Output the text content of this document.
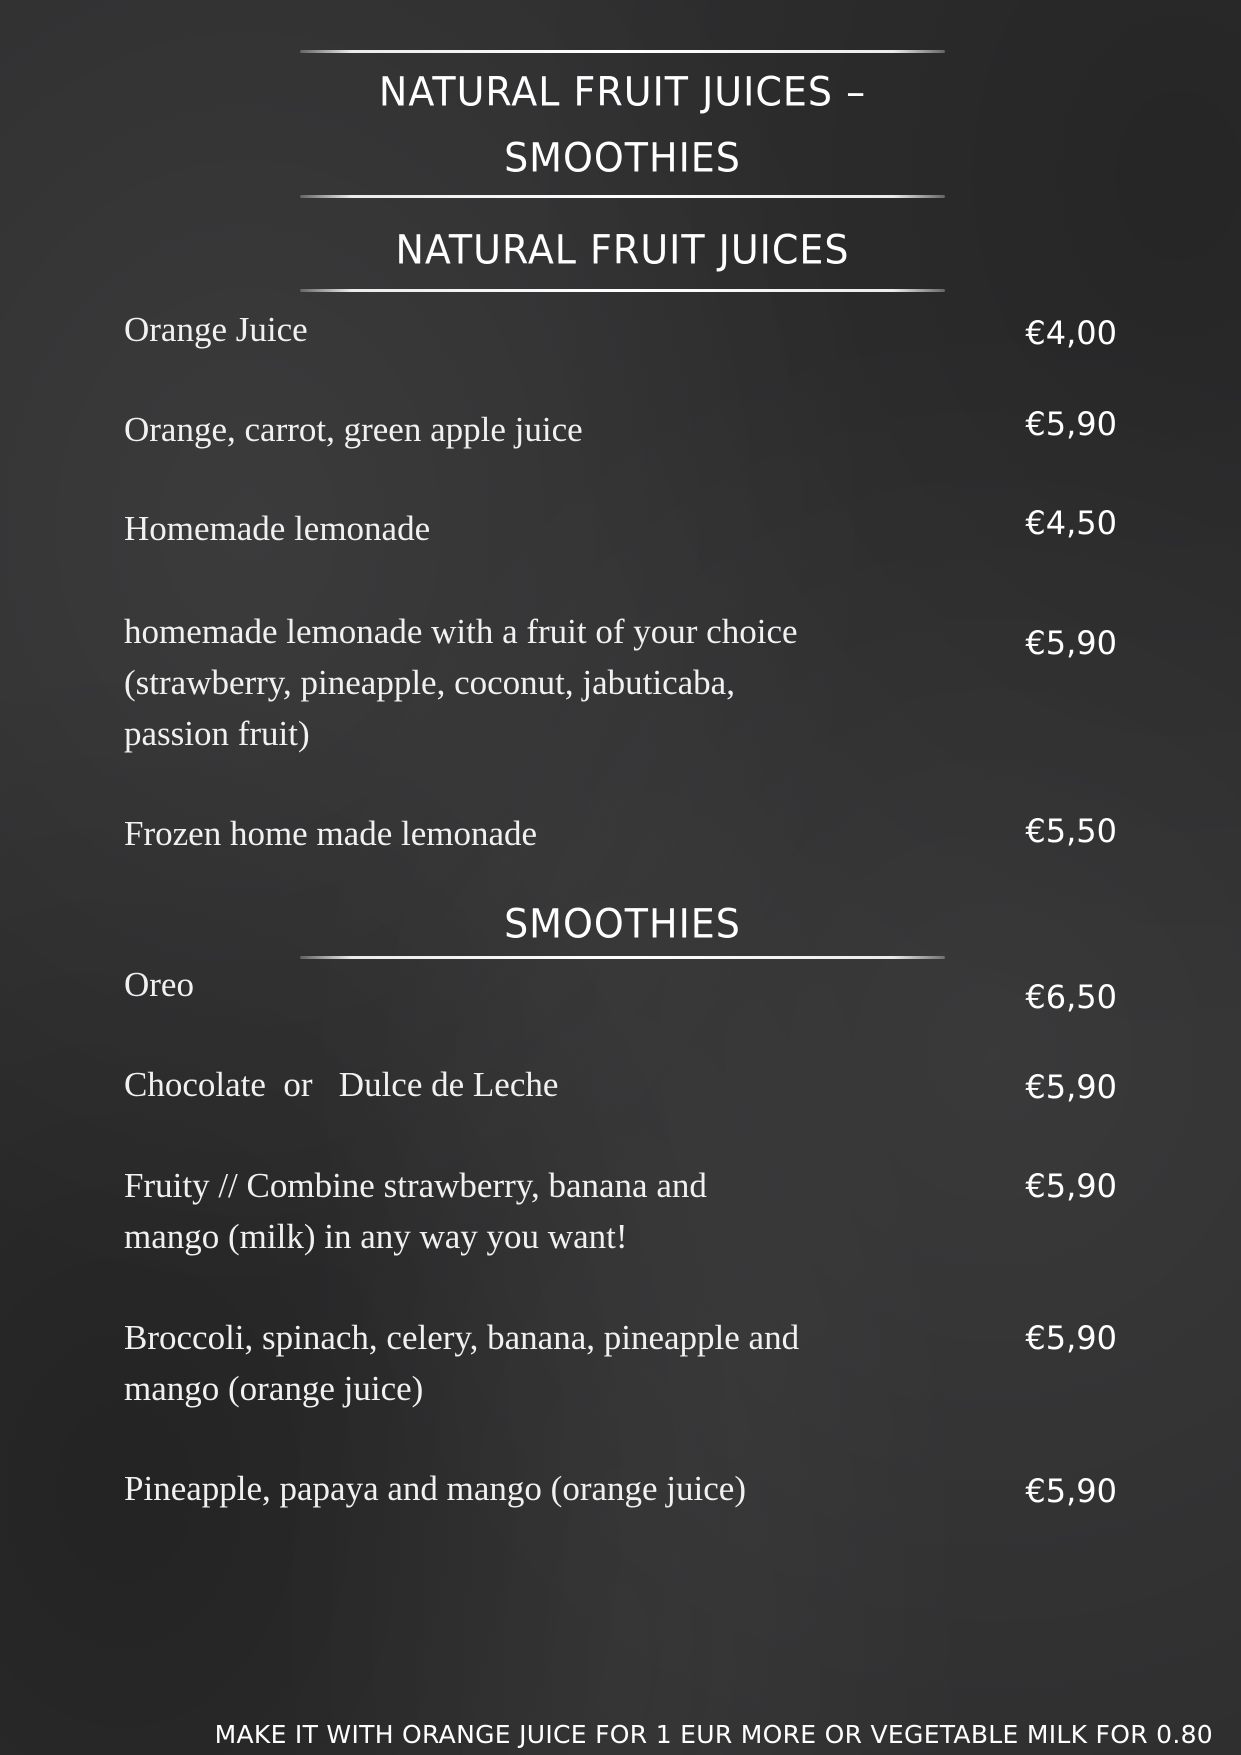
NATURAL FRUIT JUICES –
SMOOTHIES
NATURAL FRUIT JUICES
Orange Juice	€4,00
Orange, carrot, green apple juice	€5,90
Homemade lemonade	€4,50
homemade lemonade with a fruit of your choice
(strawberry, pineapple, coconut, jabuticaba,
passion fruit)
€5,90
Frozen home made lemonade	€5,50
SMOOTHIES
Oreo	€6,50
Chocolate  or   Dulce de Leche	€5,90
Fruity // Combine strawberry, banana and
mango (milk) in any way you want!
€5,90
Broccoli, spinach, celery, banana, pineapple and
mango (orange juice)
€5,90
Pineapple, papaya and mango (orange juice)	€5,90
MAKE IT WITH ORANGE JUICE FOR 1 EUR MORE OR VEGETABLE MILK FOR 0.80
